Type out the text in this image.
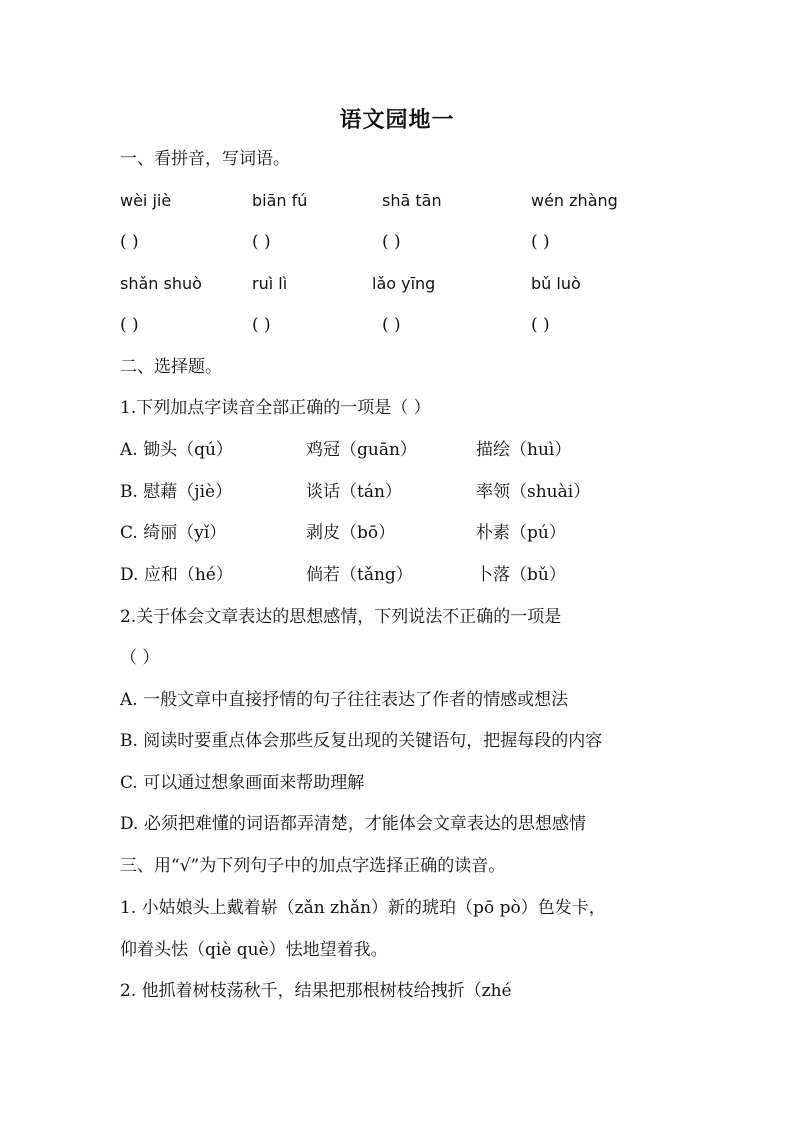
语文园地一
一、看拼音，写词语。
wèi jiè	biān fú	shā tān	wén zhàng
( )	( )	( )	( )
shǎn shuò	ruì lì	lǎo yīng	bǔ luò
( )	( )	( )	( )
二、选择题。
1.下列加点字读音全部正确的一项是（ ）
A. 锄头（qú）	鸡冠（guān）	描绘（huì）
B. 慰藉（jiè）	谈话（tán）	率领（shuài）
C. 绮丽（yǐ）	剥皮（bō）	朴素（pú）
D. 应和（hé）	倘若（tǎng）	卜落（bǔ）
2.关于体会文章表达的思想感情，下列说法不正确的一项是
（ ）
A. 一般文章中直接抒情的句子往往表达了作者的情感或想法
B. 阅读时要重点体会那些反复出现的关键语句，把握每段的内容
C. 可以通过想象画面来帮助理解
D. 必须把难懂的词语都弄清楚，才能体会文章表达的思想感情
三、用“√”为下列句子中的加点字选择正确的读音。
1. 小姑娘头上戴着崭（zǎn zhǎn）新的琥珀（pō pò）色发卡，
仰着头怯（qiè què）怯地望着我。
2. 他抓着树枝荡秋千，结果把那根树枝给拽折（zhé
